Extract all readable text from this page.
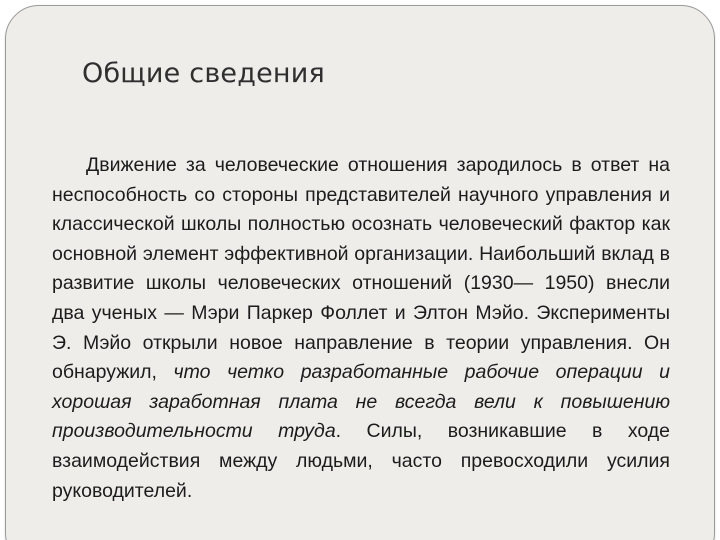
Общие сведения

Движение за человеческие отношения зародилось в ответ на неспособность со стороны представителей научного управления и классической школы полностью осознать человеческий фактор как основной элемент эффективной организации. Наибольший вклад в развитие школы человеческих отношений (1930— 1950) внесли два ученых — Мэри Паркер Фоллет и Элтон Мэйо. Эксперименты Э. Мэйо открыли новое направление в теории управления. Он обнаружил, что четко разработанные рабочие операции и хорошая заработная плата не всегда вели к повышению производительности труда. Силы, возникавшие в ходе взаимодействия между людьми, часто превосходили усилия руководителей.
